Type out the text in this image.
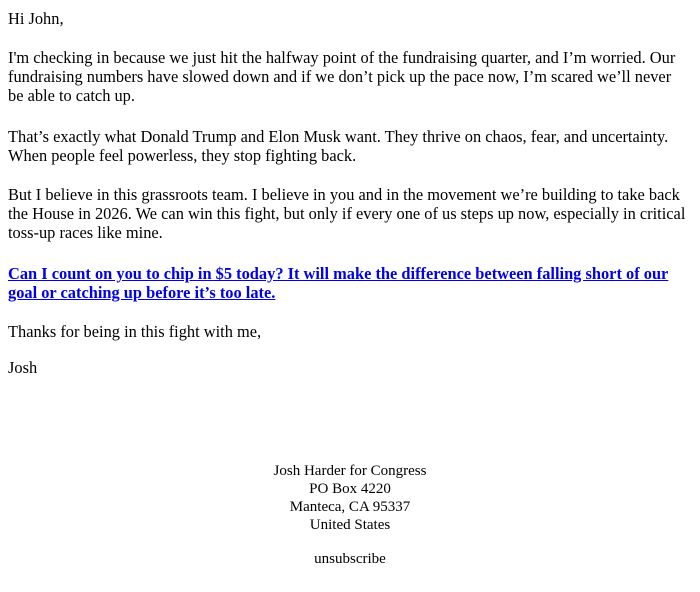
Hi John,

I'm checking in because we just hit the halfway point of the fundraising quarter, and I’m worried. Our fundraising numbers have slowed down and if we don’t pick up the pace now, I’m scared we’ll never be able to catch up.

That’s exactly what Donald Trump and Elon Musk want. They thrive on chaos, fear, and uncertainty. When people feel powerless, they stop fighting back.

But I believe in this grassroots team. I believe in you and in the movement we’re building to take back the House in 2026. We can win this fight, but only if every one of us steps up now, especially in critical toss-up races like mine.

Can I count on you to chip in $5 today? It will make the difference between falling short of our goal or catching up before it’s too late.

Thanks for being in this fight with me,

Josh

Josh Harder for Congress
PO Box 4220
Manteca, CA 95337
United States
unsubscribe
